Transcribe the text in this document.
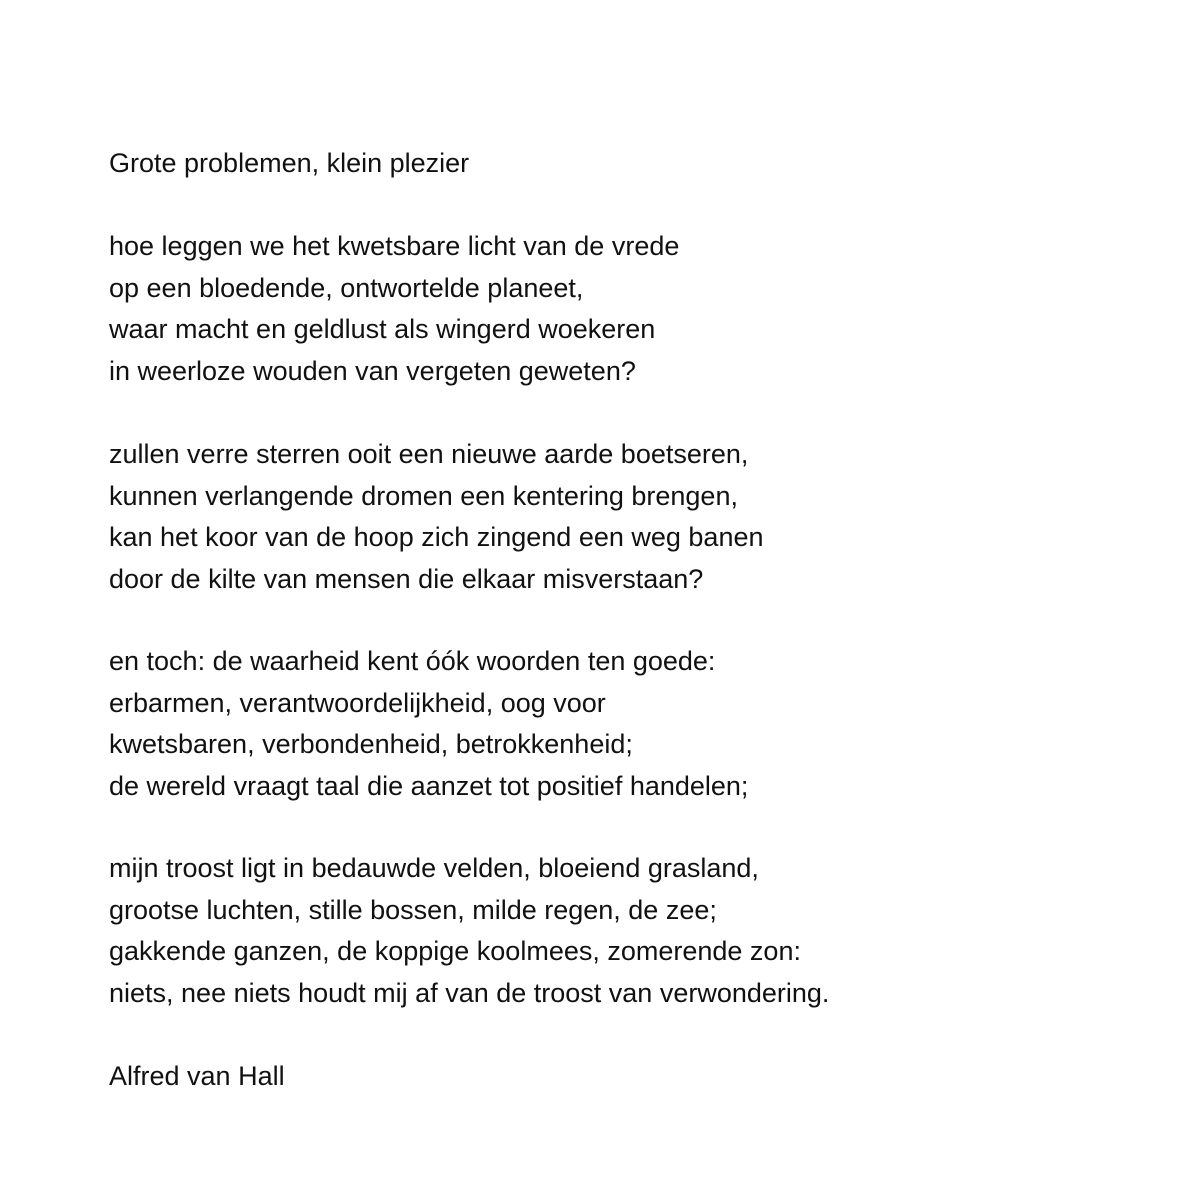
Grote problemen, klein plezier

hoe leggen we het kwetsbare licht van de vrede
op een bloedende, ontwortelde planeet,
waar macht en geldlust als wingerd woekeren
in weerloze wouden van vergeten geweten?

zullen verre sterren ooit een nieuwe aarde boetseren,
kunnen verlangende dromen een kentering brengen,
kan het koor van de hoop zich zingend een weg banen
door de kilte van mensen die elkaar misverstaan?

en toch: de waarheid kent óók woorden ten goede:
erbarmen, verantwoordelijkheid, oog voor
kwetsbaren, verbondenheid, betrokkenheid;
de wereld vraagt taal die aanzet tot positief handelen;

mijn troost ligt in bedauwde velden, bloeiend grasland,
grootse luchten, stille bossen, milde regen, de zee;
gakkende ganzen, de koppige koolmees, zomerende zon:
niets, nee niets houdt mij af van de troost van verwondering.

Alfred van Hall
